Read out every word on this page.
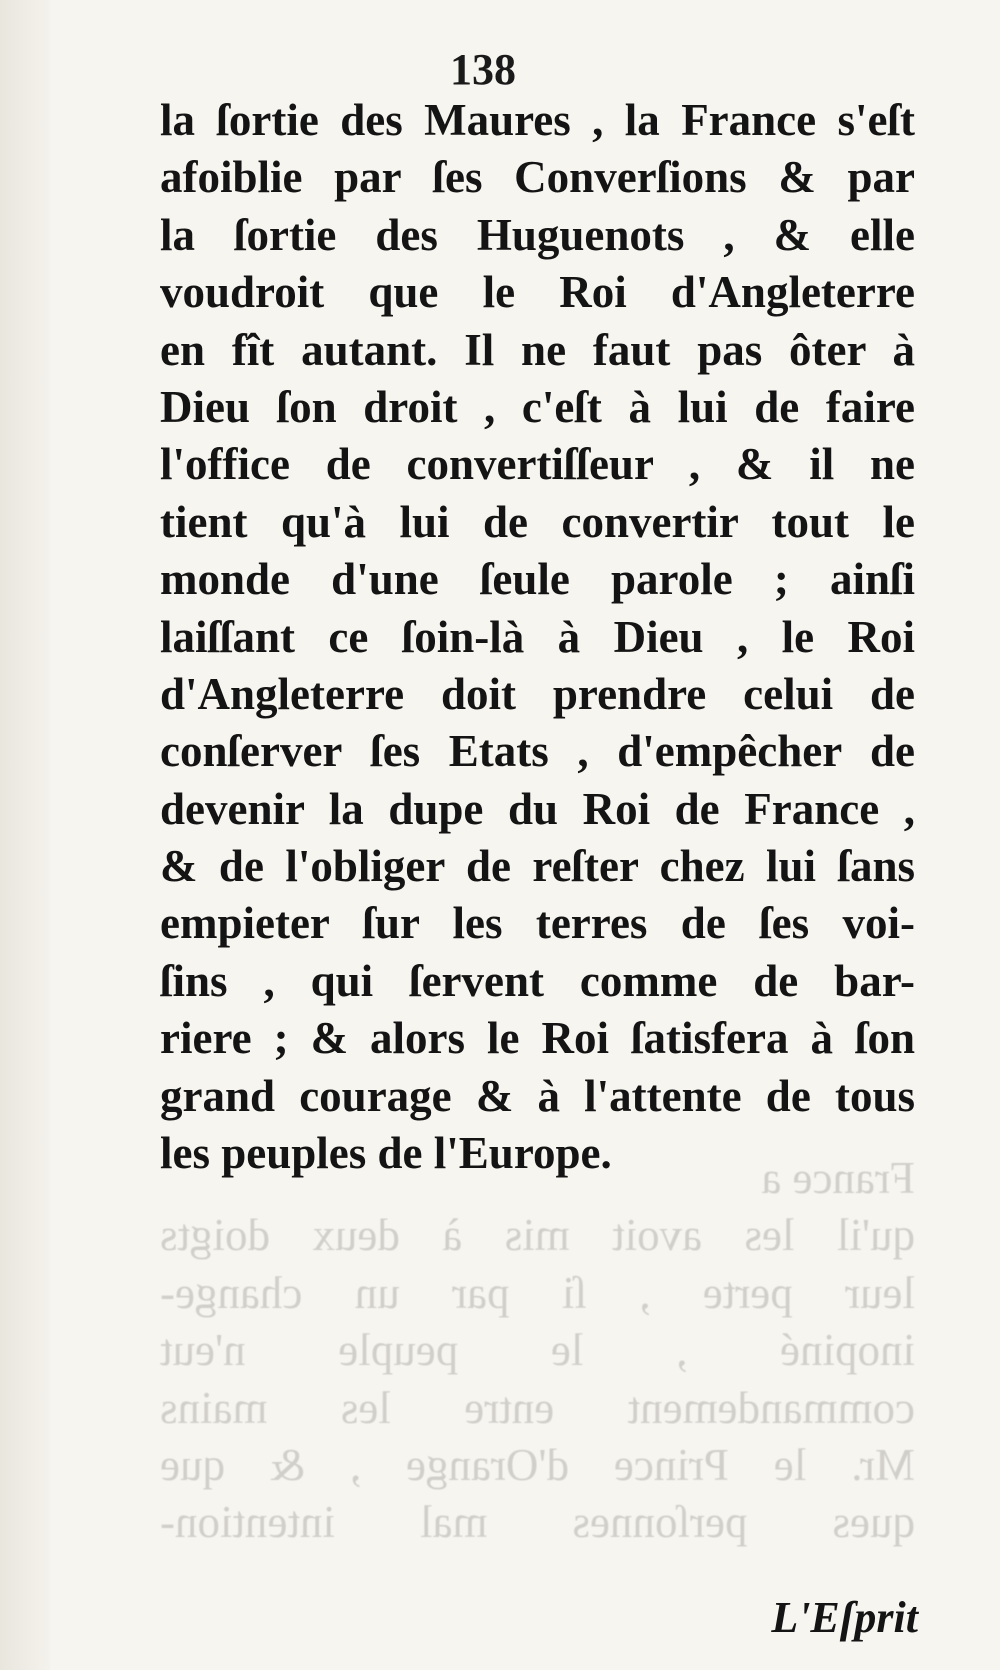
138
la ſortie des Maures , la France s'eſt
afoiblie par ſes Converſions & par
la ſortie des Huguenots , & elle
voudroit que le Roi d'Angleterre
en fît autant. Il ne faut pas ôter à
Dieu ſon droit , c'eſt à lui de faire
l'office de convertiſſeur , & il ne
tient qu'à lui de convertir tout le
monde d'une ſeule parole ; ainſi
laiſſant ce ſoin-là à Dieu , le Roi
d'Angleterre doit prendre celui de
conſerver ſes Etats , d'empêcher de
devenir la dupe du Roi de France ,
& de l'obliger de reſter chez lui ſans
empieter ſur les terres de ſes voi-
ſins , qui ſervent comme de bar-
riere ; & alors le Roi ſatisfera à ſon
grand courage & à l'attente de tous
les peuples de l'Europe.	France a
qu'il les avoit mis à deux doigts
leur perte , ſi par un change-
inopiné , le peuple n'eut
commandement entre les mains
Mr. le Prince d'Orange , & que
ques perſonnes mal intention-
L'Eſprit
